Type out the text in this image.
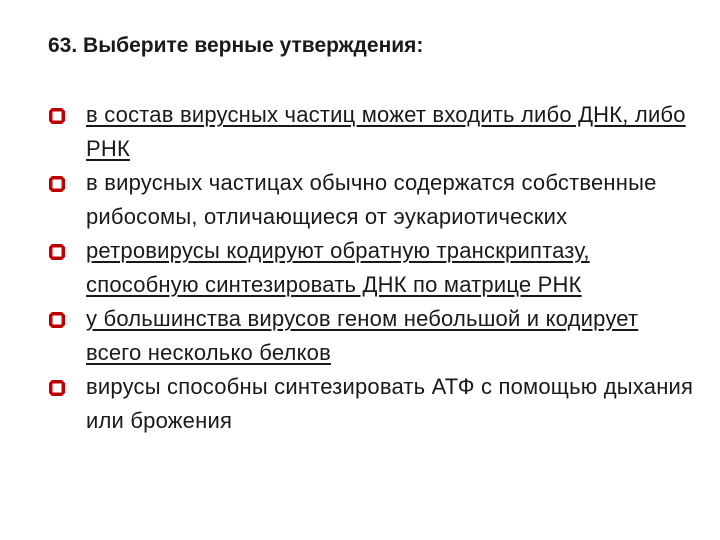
63. Выберите верные утверждения:
в состав вирусных частиц может входить либо ДНК, либо РНК
в вирусных частицах обычно содержатся собственные рибосомы, отличающиеся от эукариотических
ретровирусы кодируют обратную транскриптазу, способную синтезировать ДНК по матрице РНК
у большинства вирусов геном небольшой и кодирует всего несколько белков
вирусы способны синтезировать АТФ с помощью дыхания или брожения
